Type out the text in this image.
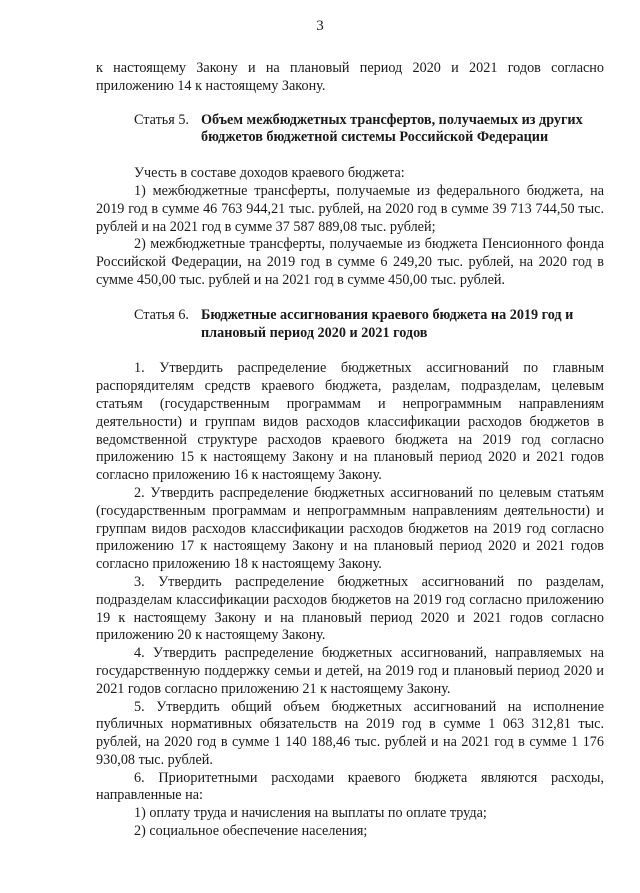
3

к настоящему Закону и на плановый период 2020 и 2021 годов согласно приложению 14 к настоящему Закону.

Статья 5. Объем межбюджетных трансфертов, получаемых из других бюджетов бюджетной системы Российской Федерации

Учесть в составе доходов краевого бюджета:

1) межбюджетные трансферты, получаемые из федерального бюджета, на 2019 год в сумме 46 763 944,21 тыс. рублей, на 2020 год в сумме 39 713 744,50 тыс. рублей и на 2021 год в сумме 37 587 889,08 тыс. рублей;

2) межбюджетные трансферты, получаемые из бюджета Пенсионного фонда Российской Федерации, на 2019 год в сумме 6 249,20 тыс. рублей, на 2020 год в сумме 450,00 тыс. рублей и на 2021 год в сумме 450,00 тыс. рублей.

Статья 6. Бюджетные ассигнования краевого бюджета на 2019 год и плановый период 2020 и 2021 годов

1. Утвердить распределение бюджетных ассигнований по главным распорядителям средств краевого бюджета, разделам, подразделам, целевым статьям (государственным программам и непрограммным направлениям деятельности) и группам видов расходов классификации расходов бюджетов в ведомственной структуре расходов краевого бюджета на 2019 год согласно приложению 15 к настоящему Закону и на плановый период 2020 и 2021 годов согласно приложению 16 к настоящему Закону.

2. Утвердить распределение бюджетных ассигнований по целевым статьям (государственным программам и непрограммным направлениям деятельности) и группам видов расходов классификации расходов бюджетов на 2019 год согласно приложению 17 к настоящему Закону и на плановый период 2020 и 2021 годов согласно приложению 18 к настоящему Закону.

3. Утвердить распределение бюджетных ассигнований по разделам, подразделам классификации расходов бюджетов на 2019 год согласно приложению 19 к настоящему Закону и на плановый период 2020 и 2021 годов согласно приложению 20 к настоящему Закону.

4. Утвердить распределение бюджетных ассигнований, направляемых на государственную поддержку семьи и детей, на 2019 год и плановый период 2020 и 2021 годов согласно приложению 21 к настоящему Закону.

5. Утвердить общий объем бюджетных ассигнований на исполнение публичных нормативных обязательств на 2019 год в сумме 1 063 312,81 тыс. рублей, на 2020 год в сумме 1 140 188,46 тыс. рублей и на 2021 год в сумме 1 176 930,08 тыс. рублей.

6. Приоритетными расходами краевого бюджета являются расходы, направленные на:

1) оплату труда и начисления на выплаты по оплате труда;

2) социальное обеспечение населения;
